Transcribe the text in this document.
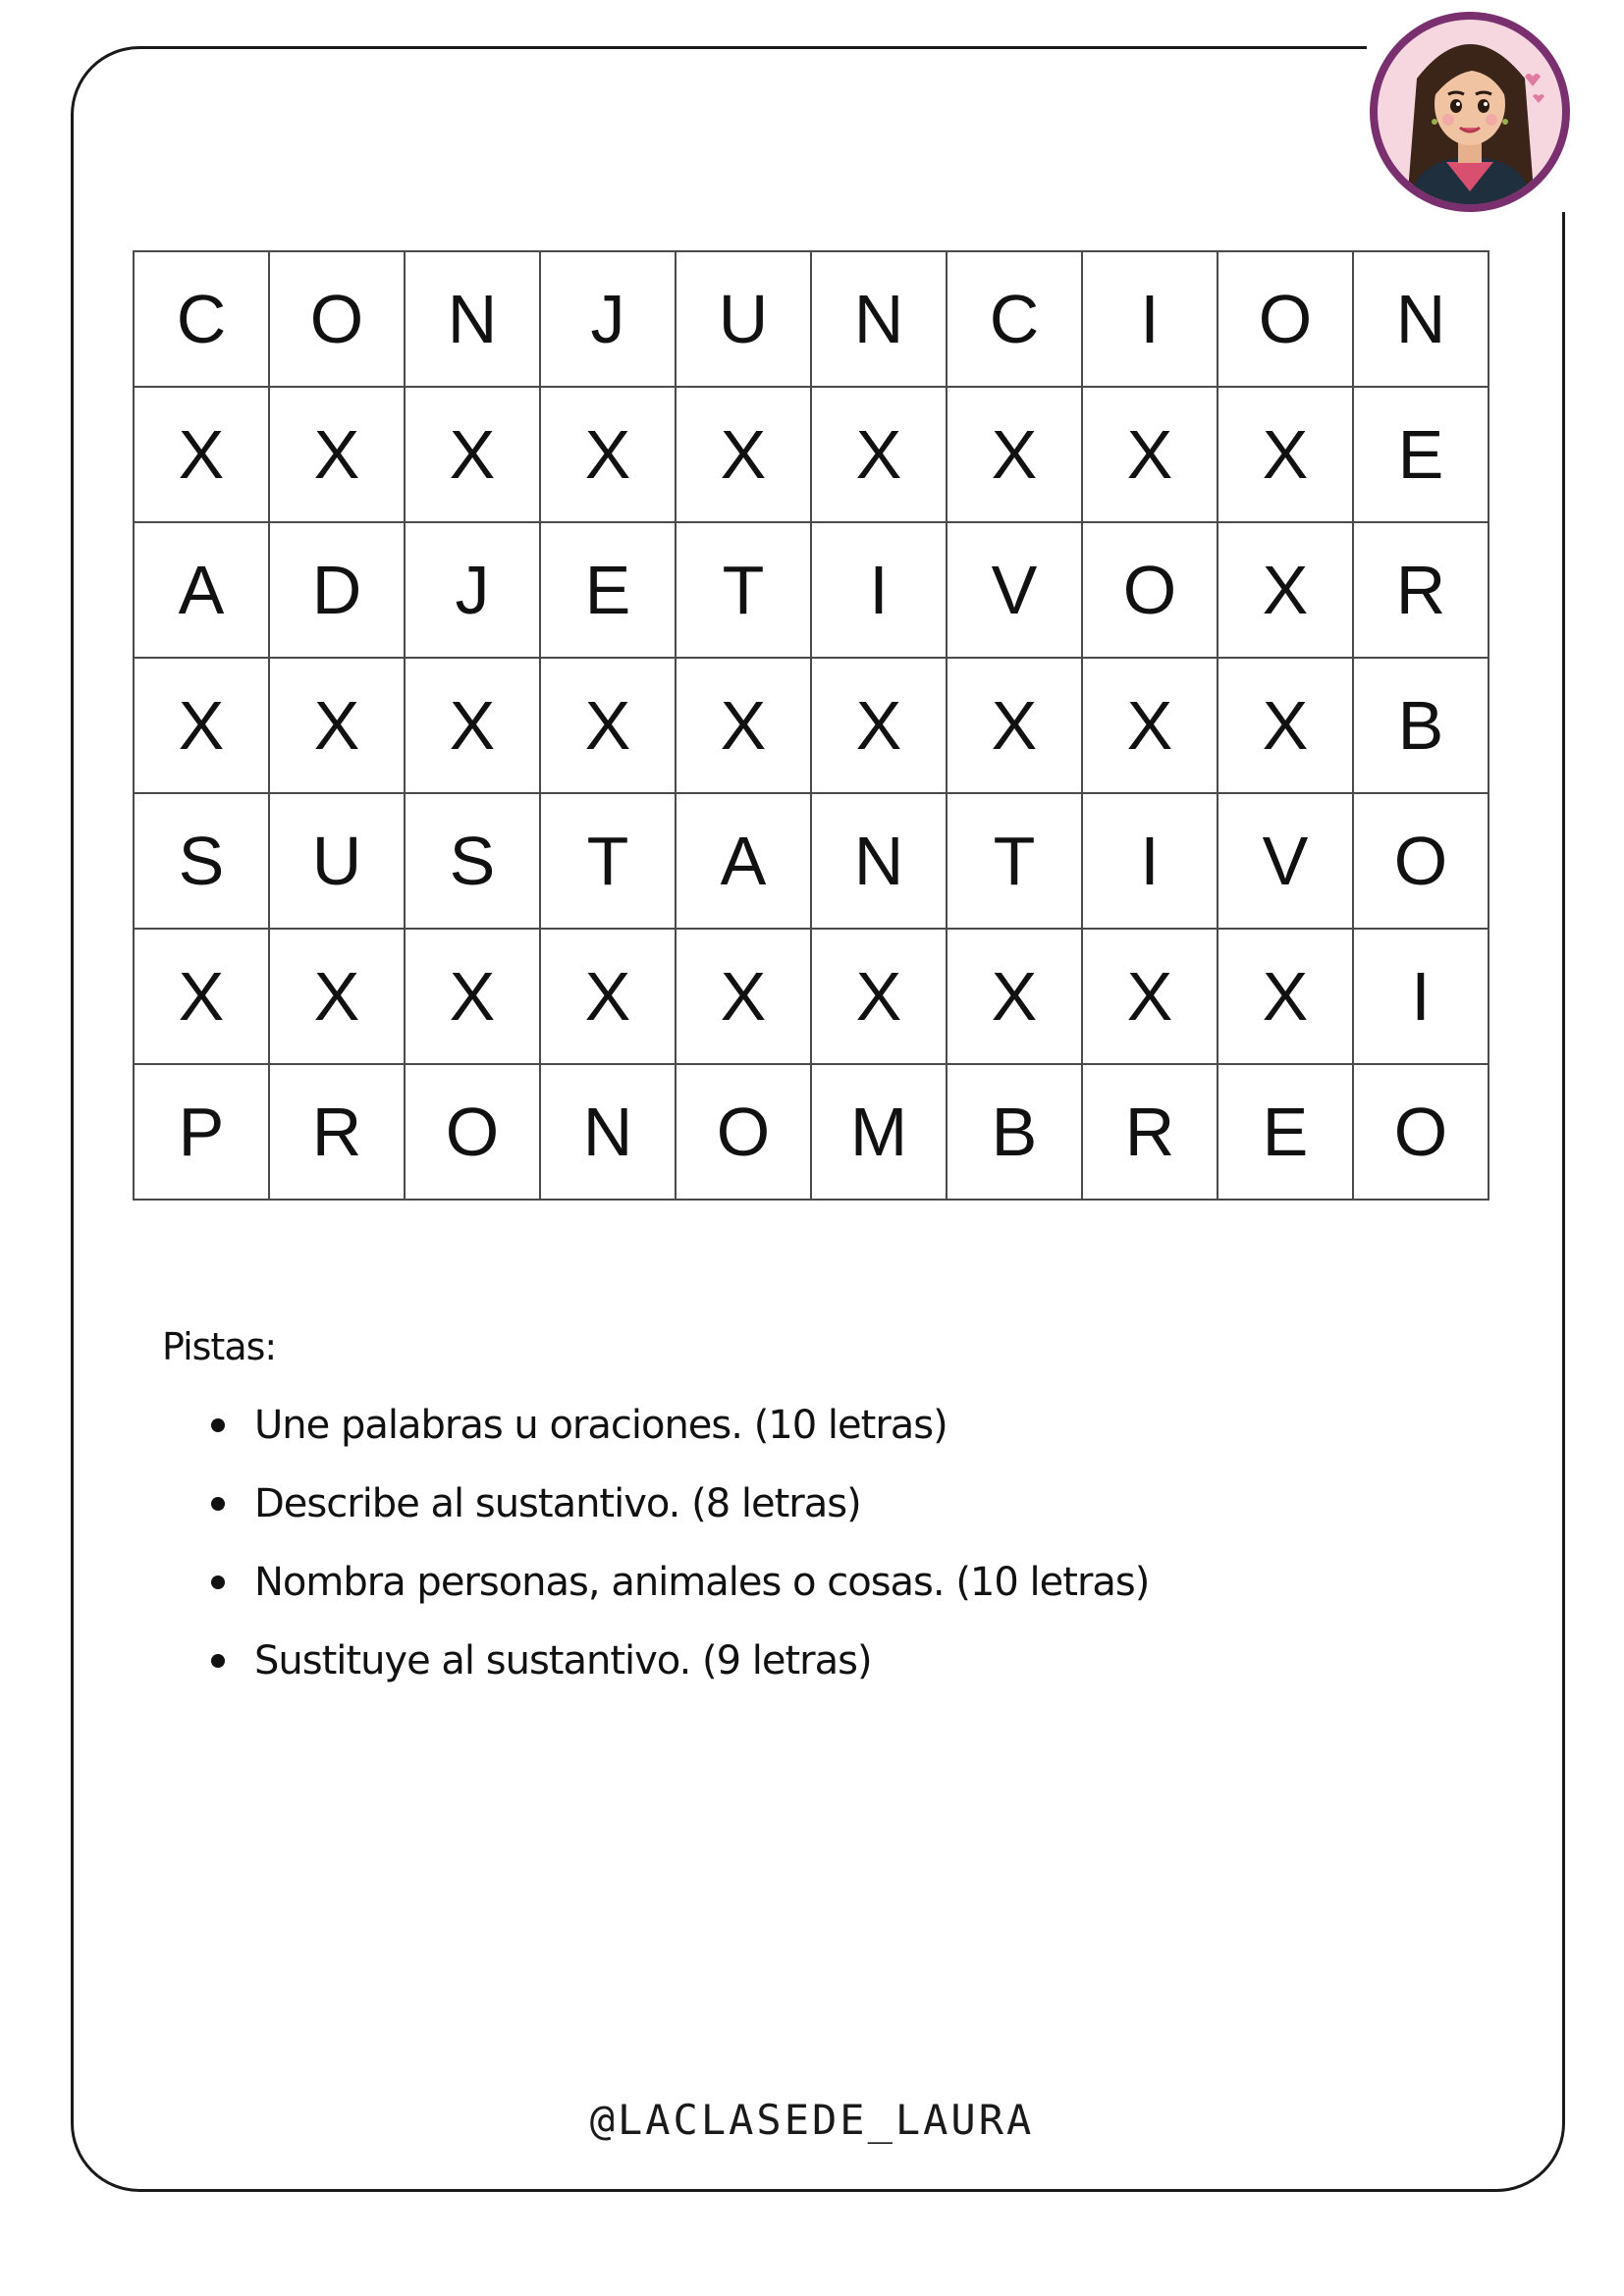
C	O	N	J	U	N	C	I	O	N
X	X	X	X	X	X	X	X	X	E
A	D	J	E	T	I	V	O	X	R
X	X	X	X	X	X	X	X	X	B
S	U	S	T	A	N	T	I	V	O
X	X	X	X	X	X	X	X	X	I
P	R	O	N	O	M	B	R	E	O
Pistas:
Une palabras u oraciones. (10 letras)
Describe al sustantivo. (8 letras)
Nombra personas, animales o cosas. (10 letras)
Sustituye al sustantivo. (9 letras)
@LACLASEDE_LAURA
